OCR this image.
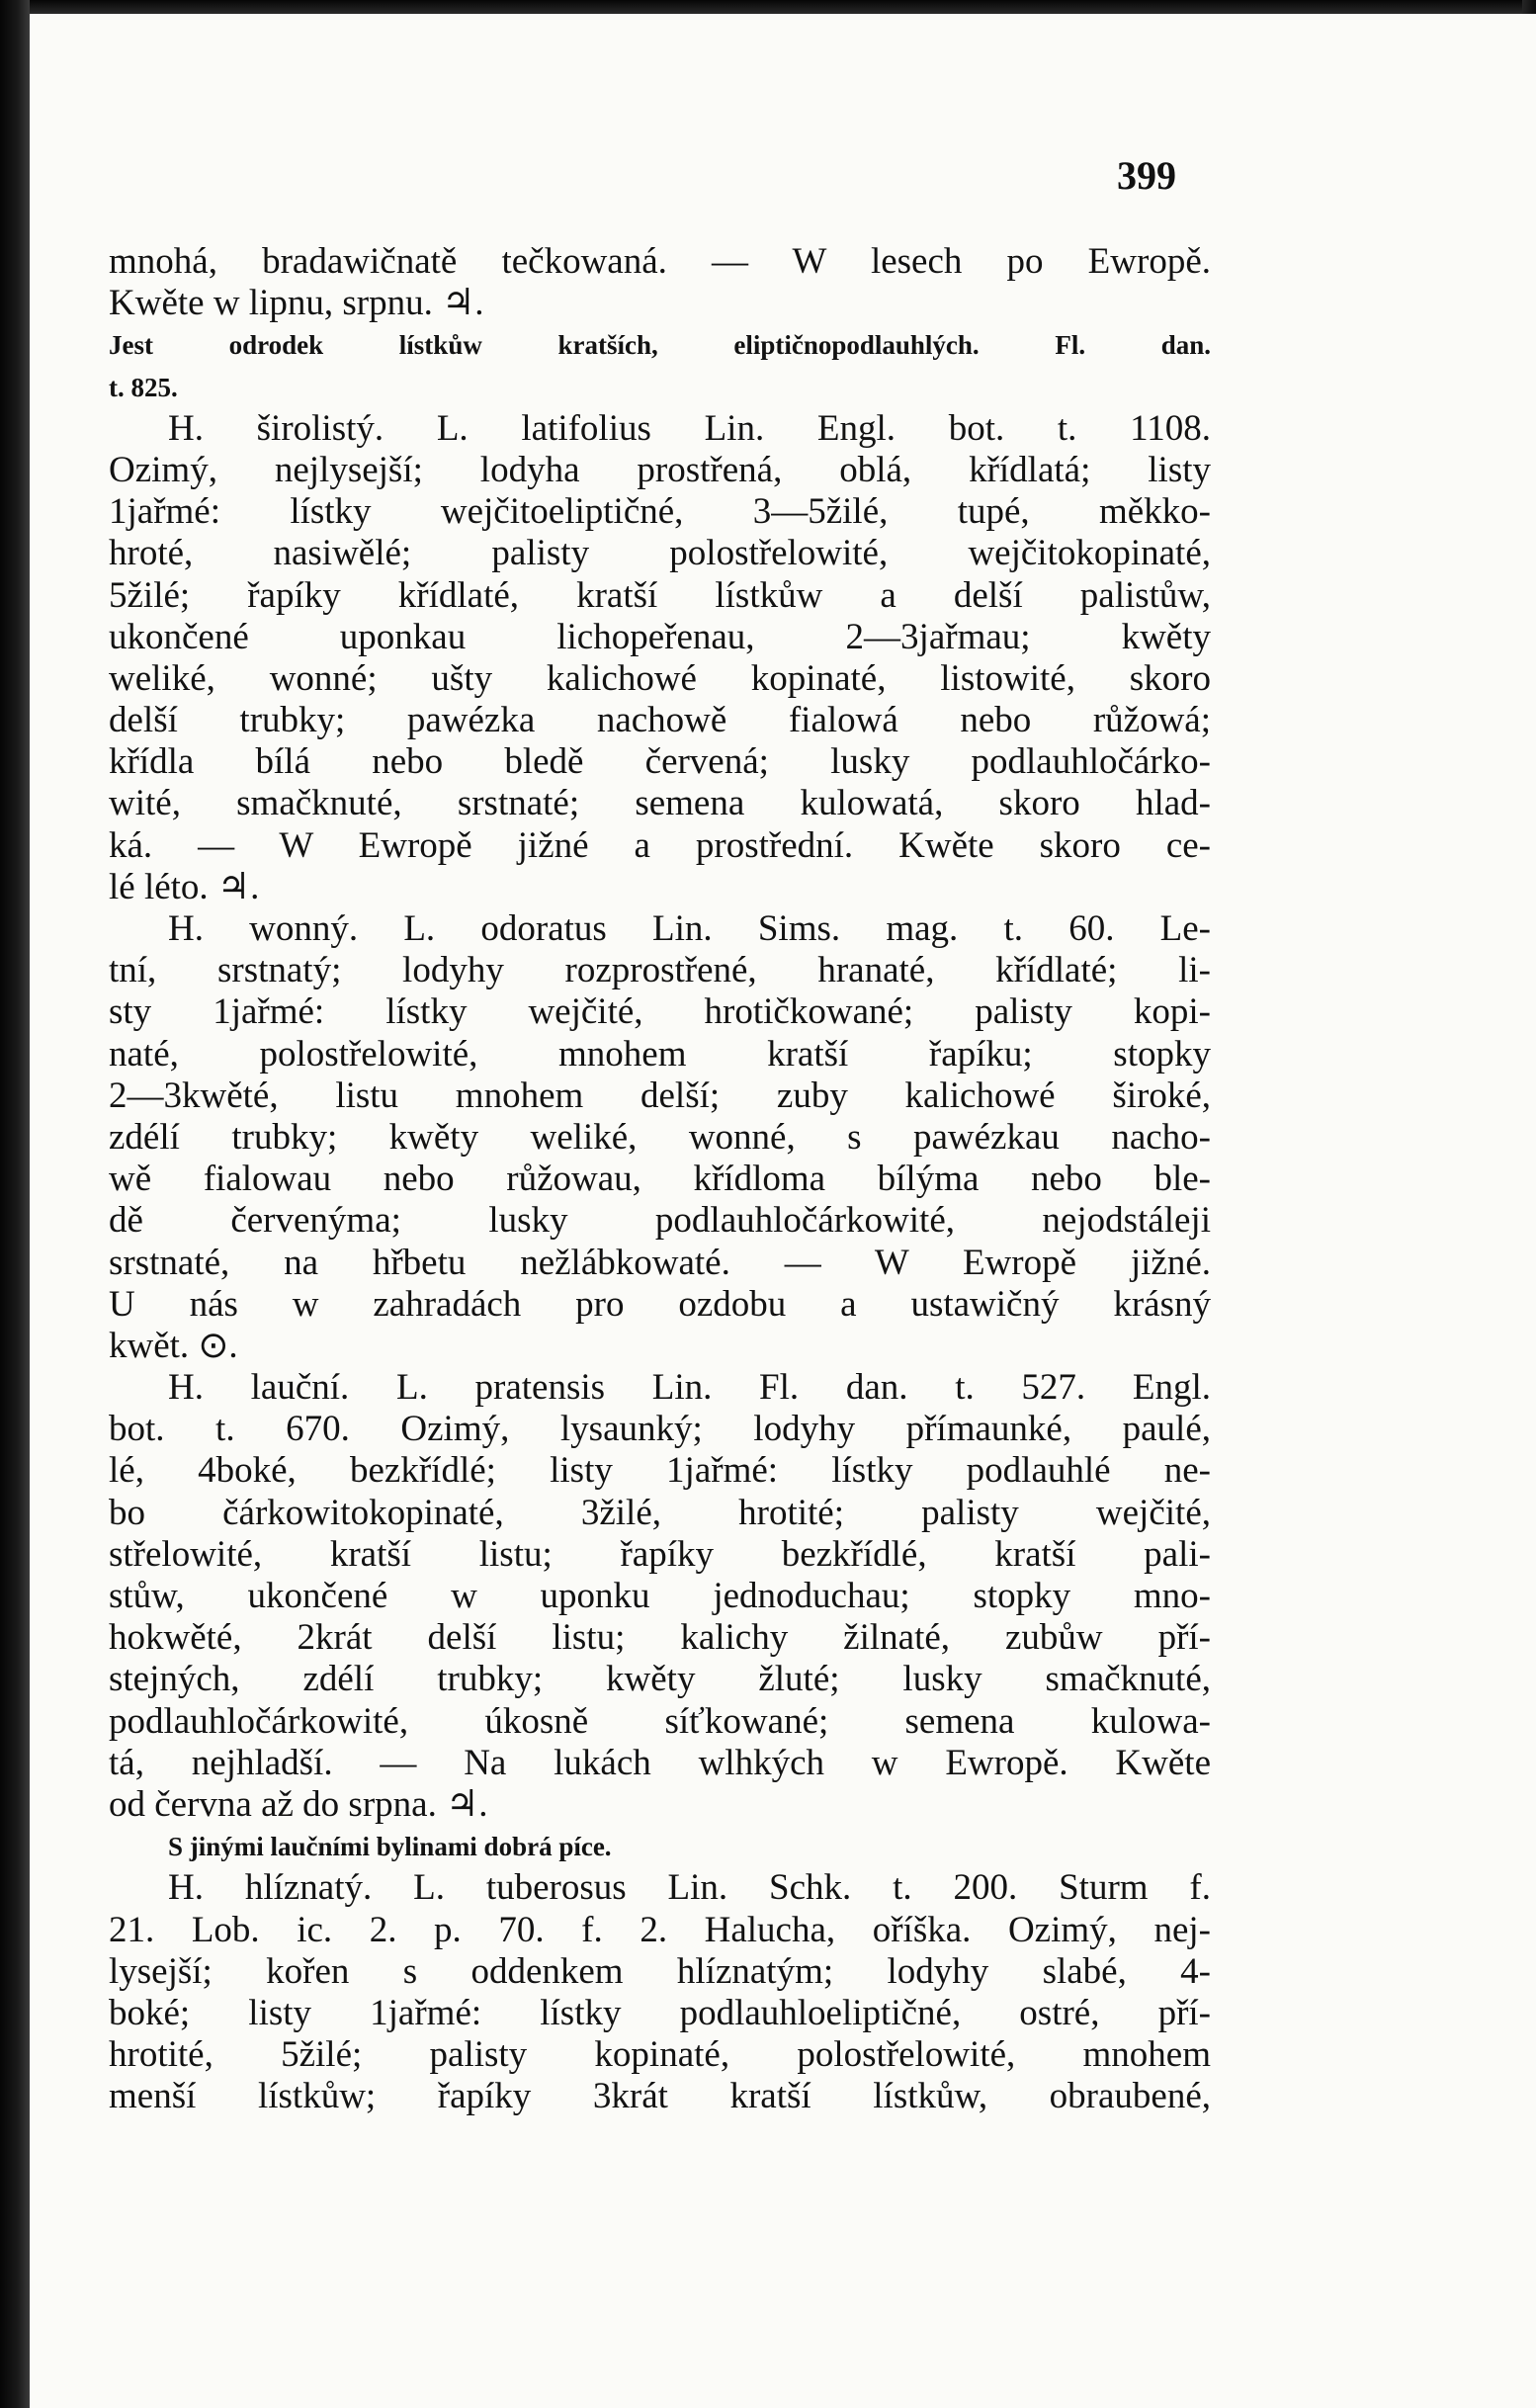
399
mnohá, bradawičnatě tečkowaná. — W lesech po Ewropě.
Kwěte w lipnu, srpnu. ♃.
Jest odrodek lístkůw kratších, eliptičnopodlauhlých. Fl. dan.
t. 825.
H. širolistý. L. latifolius Lin. Engl. bot. t. 1108.
Ozimý, nejlysejší; lodyha prostřená, oblá, křídlatá; listy
1jařmé: lístky wejčitoeliptičné, 3—5žilé, tupé, měkko-
hroté, nasiwělé; palisty polostřelowité, wejčitokopinaté,
5žilé; řapíky křídlaté, kratší lístkůw a delší palistůw,
ukončené uponkau lichopeřenau, 2—3jařmau; kwěty
weliké, wonné; ušty kalichowé kopinaté, listowité, skoro
delší trubky; pawézka nachowě fialowá nebo růžowá;
křídla bílá nebo bledě červená; lusky podlauhločárko-
wité, smačknuté, srstnaté; semena kulowatá, skoro hlad-
ká. — W Ewropě jižné a prostřední. Kwěte skoro ce-
lé léto. ♃.
H. wonný. L. odoratus Lin. Sims. mag. t. 60. Le-
tní, srstnatý; lodyhy rozprostřené, hranaté, křídlaté; li-
sty 1jařmé: lístky wejčité, hrotičkowané; palisty kopi-
naté, polostřelowité, mnohem kratší řapíku; stopky
2—3kwěté, listu mnohem delší; zuby kalichowé široké,
zdélí trubky; kwěty weliké, wonné, s pawézkau nacho-
wě fialowau nebo růžowau, křídloma bílýma nebo ble-
dě červenýma; lusky podlauhločárkowité, nejodstáleji
srstnaté, na hřbetu nežlábkowaté. — W Ewropě jižné.
U nás w zahradách pro ozdobu a ustawičný krásný
kwět. ⊙.
H. lauční. L. pratensis Lin. Fl. dan. t. 527. Engl.
bot. t. 670. Ozimý, lysaunký; lodyhy přímaunké, paulé,
lé, 4boké, bezkřídlé; listy 1jařmé: lístky podlauhlé ne-
bo čárkowitokopinaté, 3žilé, hrotité; palisty wejčité,
střelowité, kratší listu; řapíky bezkřídlé, kratší pali-
stůw, ukončené w uponku jednoduchau; stopky mno-
hokwěté, 2krát delší listu; kalichy žilnaté, zubůw pří-
stejných, zdélí trubky; kwěty žluté; lusky smačknuté,
podlauhločárkowité, úkosně síťkowané; semena kulowa-
tá, nejhladší. — Na lukách wlhkých w Ewropě. Kwěte
od června až do srpna. ♃.
S jinými laučními bylinami dobrá píce.
H. hlíznatý. L. tuberosus Lin. Schk. t. 200. Sturm f.
21. Lob. ic. 2. p. 70. f. 2. Halucha, oříška. Ozimý, nej-
lysejší; kořen s oddenkem hlíznatým; lodyhy slabé, 4-
boké; listy 1jařmé: lístky podlauhloeliptičné, ostré, pří-
hrotité, 5žilé; palisty kopinaté, polostřelowité, mnohem
menší lístkůw; řapíky 3krát kratší lístkůw, obraubené,
